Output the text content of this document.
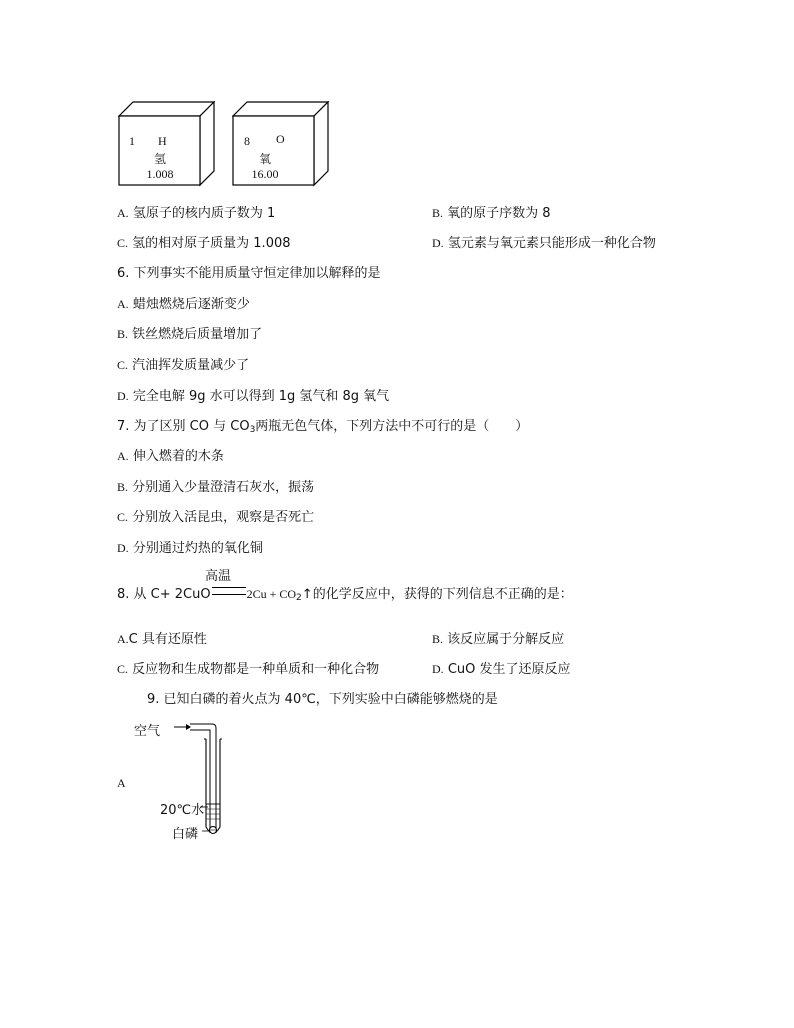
1 H
氢
1.008
8 O
氧
16.00
A. 氢原子的核内质子数为 1	B. 氧的原子序数为 8
C. 氢的相对原子质量为 1.008	D. 氢元素与氧元素只能形成一种化合物
6. 下列事实不能用质量守恒定律加以解释的是
A. 蜡烛燃烧后逐渐变少
B. 铁丝燃烧后质量增加了
C. 汽油挥发质量减少了
D. 完全电解 9g 水可以得到 1g 氢气和 8g 氧气
7. 为了区别 CO 与 $CO_3$两瓶无色气体，下列方法中不可行的是（　　）
A. 伸入燃着的木条
B. 分别通入少量澄清石灰水，振荡
C. 分别放入活昆虫，观察是否死亡
D. 分别通过灼热的氧化铜
高温
8. 从 C+ 2CuO	$2Cu + CO_2↑$的化学反应中，获得的下列信息不正确的是：
A.C 具有还原性	B. 该反应属于分解反应
C. 反应物和生成物都是一种单质和一种化合物	D. CuO 发生了还原反应
9. 已知白磷的着火点为 40℃，下列实验中白磷能够燃烧的是
A
空气
20℃水
白磷
